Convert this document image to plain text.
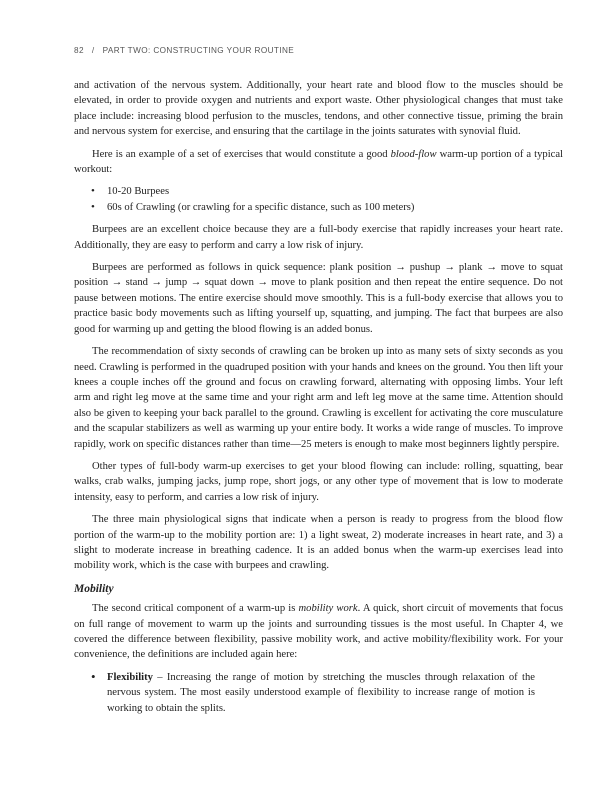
82 / PART TWO: CONSTRUCTING YOUR ROUTINE

and activation of the nervous system. Additionally, your heart rate and blood flow to the muscles should be elevated, in order to provide oxygen and nutrients and export waste. Other physiological changes that must take place include: increasing blood perfusion to the muscles, tendons, and other connective tissue, priming the brain and nervous system for exercise, and ensuring that the cartilage in the joints saturates with synovial fluid.

Here is an example of a set of exercises that would constitute a good blood-flow warm-up portion of a typical workout:

• 10-20 Burpees
• 60s of Crawling (or crawling for a specific distance, such as 100 meters)

Burpees are an excellent choice because they are a full-body exercise that rapidly increases your heart rate. Additionally, they are easy to perform and carry a low risk of injury.

Burpees are performed as follows in quick sequence: plank position → pushup → plank → move to squat position → stand → jump → squat down → move to plank position and then repeat the entire sequence. Do not pause between motions. The entire exercise should move smoothly. This is a full-body exercise that allows you to practice basic body movements such as lifting yourself up, squatting, and jumping. The fact that burpees are also good for warming up and getting the blood flowing is an added bonus.

The recommendation of sixty seconds of crawling can be broken up into as many sets of sixty seconds as you need. Crawling is performed in the quadruped position with your hands and knees on the ground. You then lift your knees a couple inches off the ground and focus on crawling forward, alternating with opposing limbs. Your left arm and right leg move at the same time and your right arm and left leg move at the same time. Attention should also be given to keeping your back parallel to the ground. Crawling is excellent for activating the core musculature and the scapular stabilizers as well as warming up your entire body. It works a wide range of muscles. To improve rapidly, work on specific distances rather than time—25 meters is enough to make most beginners lightly perspire.

Other types of full-body warm-up exercises to get your blood flowing can include: rolling, squatting, bear walks, crab walks, jumping jacks, jump rope, short jogs, or any other type of movement that is low to moderate intensity, easy to perform, and carries a low risk of injury.

The three main physiological signs that indicate when a person is ready to progress from the blood flow portion of the warm-up to the mobility portion are: 1) a light sweat, 2) moderate increases in heart rate, and 3) a slight to moderate increase in breathing cadence. It is an added bonus when the warm-up exercises lead into mobility work, which is the case with burpees and crawling.

Mobility

The second critical component of a warm-up is mobility work. A quick, short circuit of movements that focus on full range of movement to warm up the joints and surrounding tissues is the most useful. In Chapter 4, we covered the difference between flexibility, passive mobility work, and active mobility/flexibility work. For your convenience, the definitions are included again here:

• Flexibility – Increasing the range of motion by stretching the muscles through relaxation of the nervous system. The most easily understood example of flexibility to increase range of motion is working to obtain the splits.
